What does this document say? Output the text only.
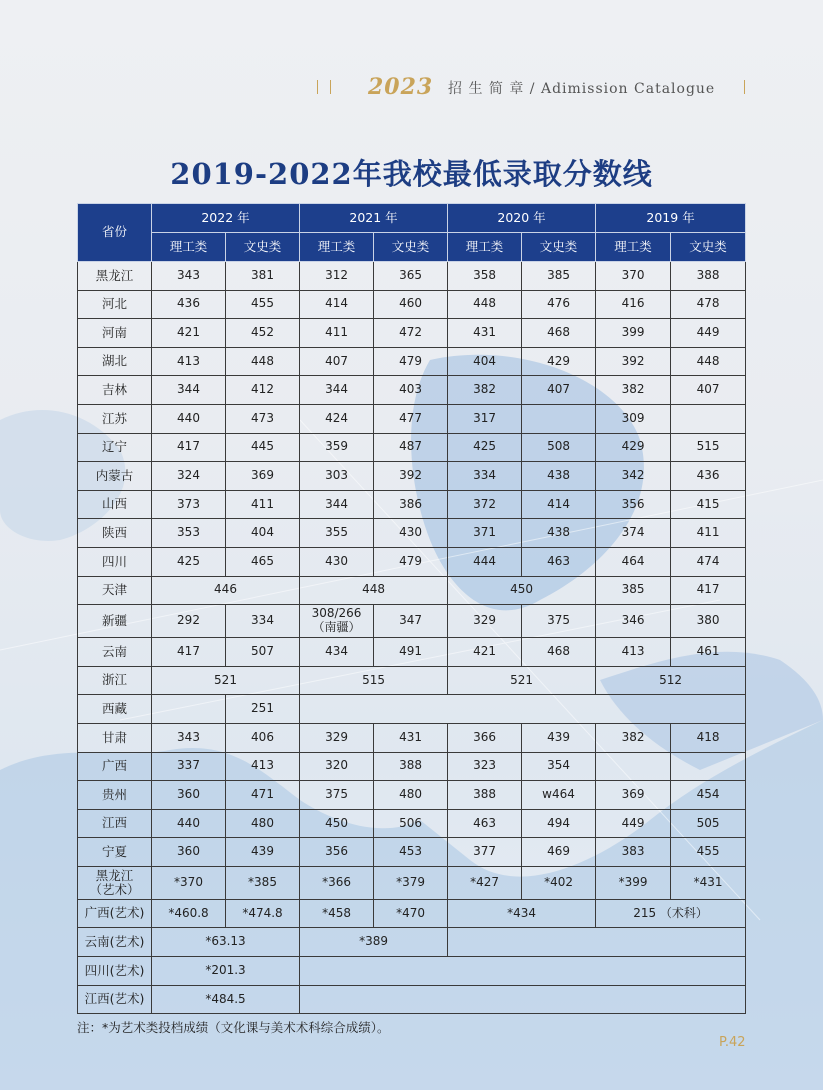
2023 招 生 简 章 / Adimission Catalogue
2019-2022年我校最低录取分数线
省份	2022 年		2021 年		2020 年		2019 年	
	理工类	文史类	理工类	文史类	理工类	文史类	理工类	文史类
黑龙江	343	381	312	365	358	385	370	388
河北	436	455	414	460	448	476	416	478
河南	421	452	411	472	431	468	399	449
湖北	413	448	407	479	404	429	392	448
吉林	344	412	344	403	382	407	382	407
江苏	440	473	424	477	317		309	
辽宁	417	445	359	487	425	508	429	515
内蒙古	324	369	303	392	334	438	342	436
山西	373	411	344	386	372	414	356	415
陕西	353	404	355	430	371	438	374	411
四川	425	465	430	479	444	463	464	474
天津	446		448		450		385	417
新疆	292	334	308/266
（南疆）	347	329	375	346	380
云南	417	507	434	491	421	468	413	461
浙江	521		515		521		512	
西藏		251						
甘肃	343	406	329	431	366	439	382	418
广西	337	413	320	388	323	354		
贵州	360	471	375	480	388	w464	369	454
江西	440	480	450	506	463	494	449	505
宁夏	360	439	356	453	377	469	383	455
黑龙江
（艺术）	*370	*385	*366	*379	*427	*402	*399	*431
广西(艺术)	*460.8	*474.8	*458	*470	*434		215 （术科）	
云南(艺术)	*63.13		*389					
四川(艺术)	*201.3							
江西(艺术)	*484.5							
注：*为艺术类投档成绩（文化课与美术术科综合成绩）。
P.42
